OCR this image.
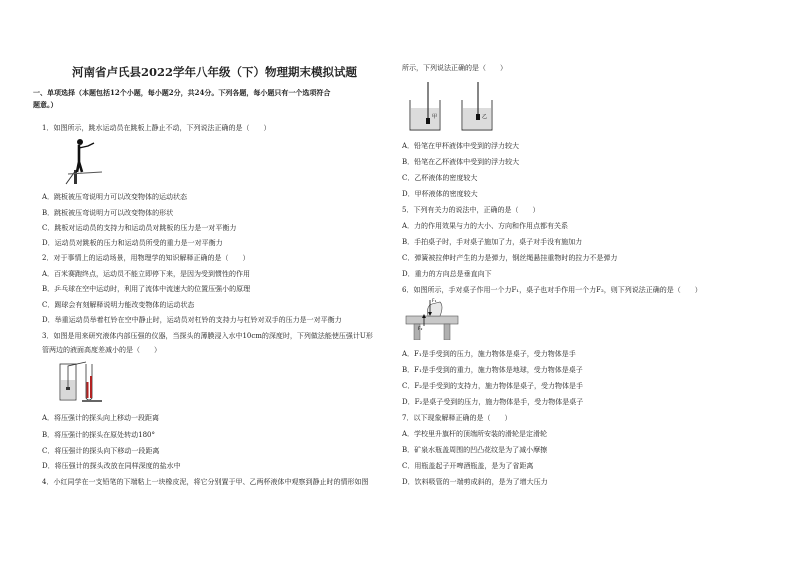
河南省卢氏县2022学年八年级（下）物理期末模拟试题
一、单项选择（本题包括12个小题，每小题2分，共24分。下列各题，每小题只有一个选项符合
题意。）
1．如图所示，跳水运动员在跳板上静止不动，下列说法正确的是（　　）
A．跳板被压弯说明力可以改变物体的运动状态
B．跳板被压弯说明力可以改变物体的形状
C．跳板对运动员的支持力和运动员对跳板的压力是一对平衡力
D．运动员对跳板的压力和运动员所受的重力是一对平衡力
2．对于事情上的运动场景，用物理学的知识解释正确的是（　　）
A．百米赛跑终点，运动员不能立即停下来，是因为受到惯性的作用
B．乒乓球在空中运动时，利用了流体中流速大的位置压强小的原理
C．踢球会有刻解释说明力能改变物体的运动状态
D．举重运动员举着杠铃在空中静止时，运动员对杠铃的支持力与杠铃对双手的压力是一对平衡力
3．如图是用来研究液体内部压强的仪器，当探头的薄膜浸入水中10cm的深度时，下列做法能使压强计U形
管两边的液面高度差减小的是（　　）
A．将压强计的探头向上移动一段距离
B．将压强计的探头在原处转动180°
C．将压强计的探头向下移动一段距离
D．将压强计的探头改放在同样深度的盐水中
4．小红同学在一支铅笔的下端粘上一块橡皮泥，将它分别置于甲、乙两杯液体中观察到静止时的情形如图
所示，下列说法正确的是（　　）
甲	乙
A．铅笔在甲杯液体中受到的浮力较大
B．铅笔在乙杯液体中受到的浮力较大
C．乙杯液体的密度较大
D．甲杯液体的密度较大
5．下列有关力的说法中，正确的是（　　）
A．力的作用效果与力的大小、方向和作用点都有关系
B．手拍桌子时，手对桌子施加了力，桌子对手没有施加力
C．弹簧被拉伸时产生的力是弹力，钢丝绳悬挂重物时的拉力不是弹力
D．重力的方向总是垂直向下
6．如图所示，手对桌子作用一个力F₁，桌子也对手作用一个力F₂，则下列说法正确的是（　　）
F₁
F₂
A．F₁是手受到的压力，施力物体是桌子，受力物体是手
B．F₁是手受到的重力，施力物体是地球，受力物体是桌子
C．F₂是手受到的支持力，施力物体是桌子，受力物体是手
D．F₂是桌子受到的压力，施力物体是手，受力物体是桌子
7．以下现象解释正确的是（　　）
A．学校里升旗杆的顶端所安装的滑轮是定滑轮
B．矿泉水瓶盖周围的凹凸花纹是为了减小摩擦
C．用瓶盖起子开啤酒瓶盖，是为了省距离
D．饮料吸管的一端剪成斜的，是为了增大压力
